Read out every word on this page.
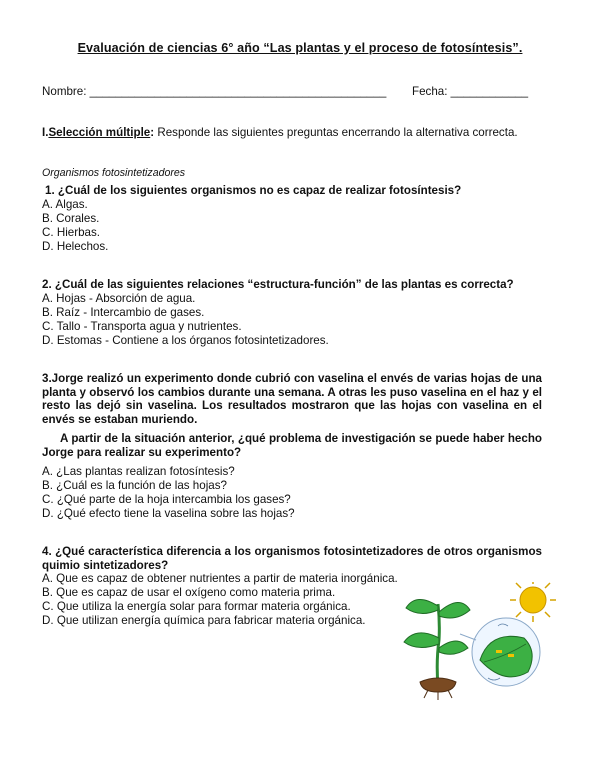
Evaluación de ciencias 6° año “Las plantas y el proceso de fotosíntesis”.
Nombre: ______________________________________________ Fecha: ____________
I.Selección múltiple: Responde las siguientes preguntas encerrando la alternativa correcta.
Organismos fotosintetizadores
1. ¿Cuál de los siguientes organismos no es capaz de realizar fotosíntesis?
A. Algas.
B. Corales.
C. Hierbas.
D. Helechos.
2. ¿Cuál de las siguientes relaciones “estructura-función” de las plantas es correcta?
A. Hojas - Absorción de agua.
B. Raíz - Intercambio de gases.
C. Tallo - Transporta agua y nutrientes.
D. Estomas - Contiene a los órganos fotosintetizadores.
3.Jorge realizó un experimento donde cubrió con vaselina el envés de varias hojas de una planta y observó los cambios durante una semana. A otras les puso vaselina en el haz y el resto las dejó sin vaselina. Los resultados mostraron que las hojas con vaselina en el envés se estaban muriendo.
A partir de la situación anterior, ¿qué problema de investigación se puede haber hecho Jorge para realizar su experimento?
A. ¿Las plantas realizan fotosíntesis?
B. ¿Cuál es la función de las hojas?
C. ¿Qué parte de la hoja intercambia los gases?
D. ¿Qué efecto tiene la vaselina sobre las hojas?
4. ¿Qué característica diferencia a los organismos fotosintetizadores de otros organismos quimio sintetizadores?
A. Que es capaz de obtener nutrientes a partir de materia inorgánica.
B. Que es capaz de usar el oxígeno como materia prima.
C. Que utiliza la energía solar para formar materia orgánica.
D. Que utilizan energía química para fabricar materia orgánica.
